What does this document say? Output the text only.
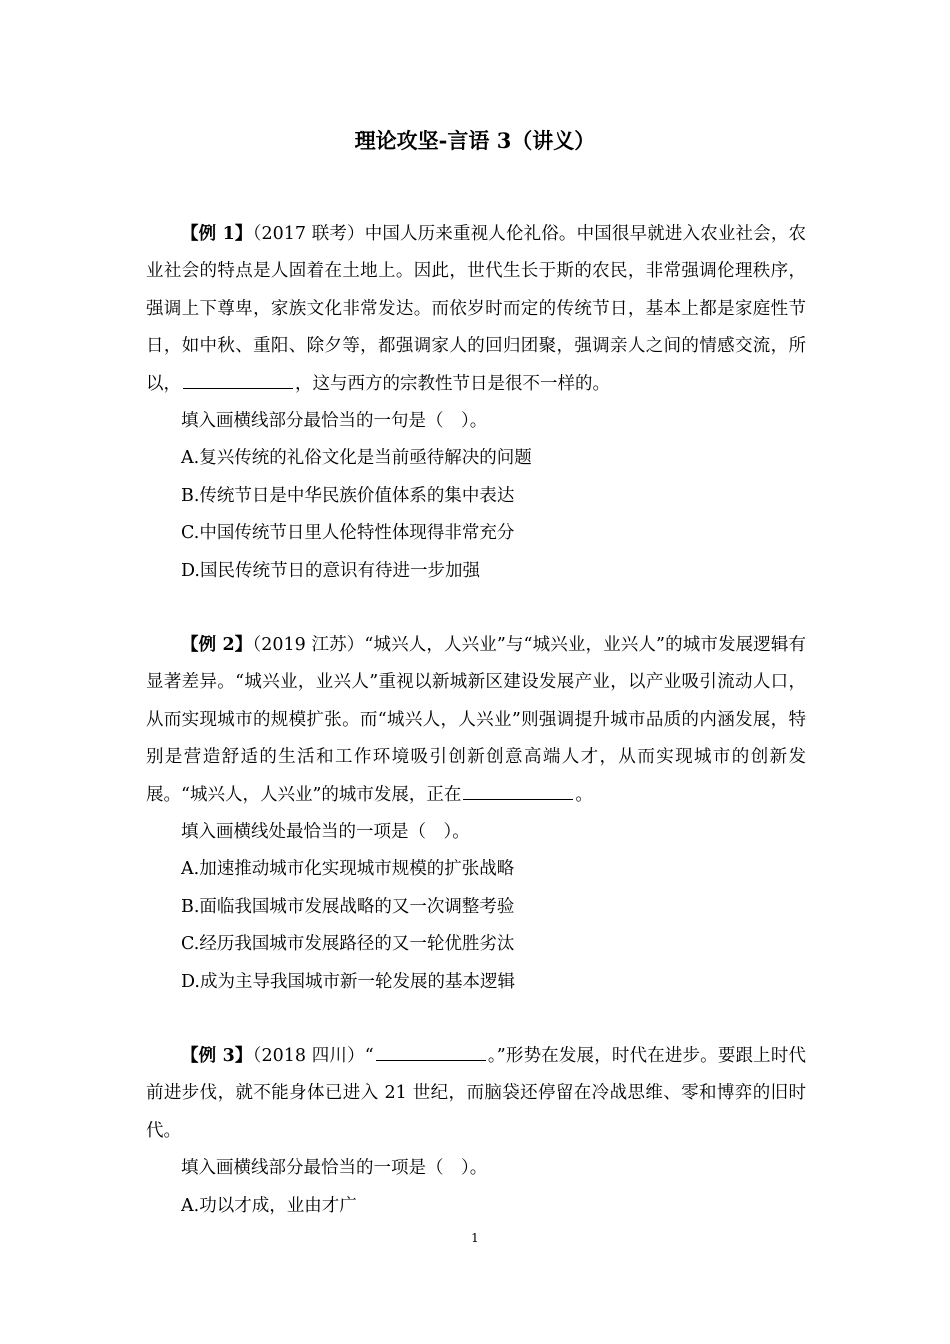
理论攻坚-言语 3（讲义）

【例 1】（2017 联考）中国人历来重视人伦礼俗。中国很早就进入农业社会，农业社会的特点是人固着在土地上。因此，世代生长于斯的农民，非常强调伦理秩序，强调上下尊卑，家族文化非常发达。而依岁时而定的传统节日，基本上都是家庭性节日，如中秋、重阳、除夕等，都强调家人的回归团聚，强调亲人之间的情感交流，所以，	，这与西方的宗教性节日是很不一样的。

填入画横线部分最恰当的一句是（　）。

A.复兴传统的礼俗文化是当前亟待解决的问题

B.传统节日是中华民族价值体系的集中表达

C.中国传统节日里人伦特性体现得非常充分

D.国民传统节日的意识有待进一步加强

【例 2】（2019 江苏）“城兴人，人兴业”与“城兴业，业兴人”的城市发展逻辑有显著差异。“城兴业，业兴人”重视以新城新区建设发展产业，以产业吸引流动人口，从而实现城市的规模扩张。而“城兴人，人兴业”则强调提升城市品质的内涵发展，特别是营造舒适的生活和工作环境吸引创新创意高端人才，从而实现城市的创新发展。“城兴人，人兴业”的城市发展，正在	。

填入画横线处最恰当的一项是（　）。

A.加速推动城市化实现城市规模的扩张战略

B.面临我国城市发展战略的又一次调整考验

C.经历我国城市发展路径的又一轮优胜劣汰

D.成为主导我国城市新一轮发展的基本逻辑

【例 3】（2018 四川）“	。”形势在发展，时代在进步。要跟上时代前进步伐，就不能身体已进入 21 世纪，而脑袋还停留在冷战思维、零和博弈的旧时代。

填入画横线部分最恰当的一项是（　）。

A.功以才成，业由才广

1
